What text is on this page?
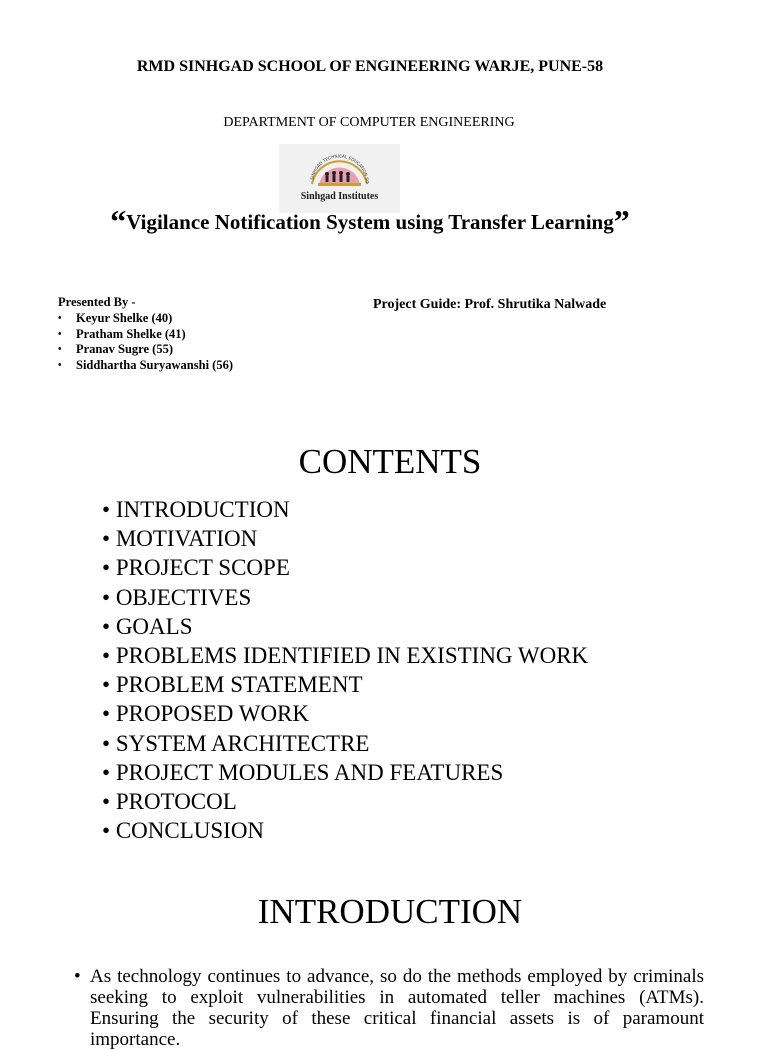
RMD SINHGAD SCHOOL OF ENGINEERING WARJE, PUNE-58
DEPARTMENT OF COMPUTER ENGINEERING
SINHGAD TECHNICAL EDUCATION SO
Sinhgad Institutes
“Vigilance Notification System using Transfer Learning”
Presented By -
• Keyur Shelke (40)
• Pratham Shelke (41)
• Pranav Sugre (55)
• Siddhartha Suryawanshi (56)
Project Guide: Prof. Shrutika Nalwade
CONTENTS
• INTRODUCTION
• MOTIVATION
• PROJECT SCOPE
• OBJECTIVES
• GOALS
• PROBLEMS IDENTIFIED IN EXISTING WORK
• PROBLEM STATEMENT
• PROPOSED WORK
• SYSTEM ARCHITECTRE
• PROJECT MODULES AND FEATURES
• PROTOCOL
• CONCLUSION
INTRODUCTION
• As technology continues to advance, so do the methods employed by criminals seeking to exploit vulnerabilities in automated teller machines (ATMs). Ensuring the security of these critical financial assets is of paramount importance.
